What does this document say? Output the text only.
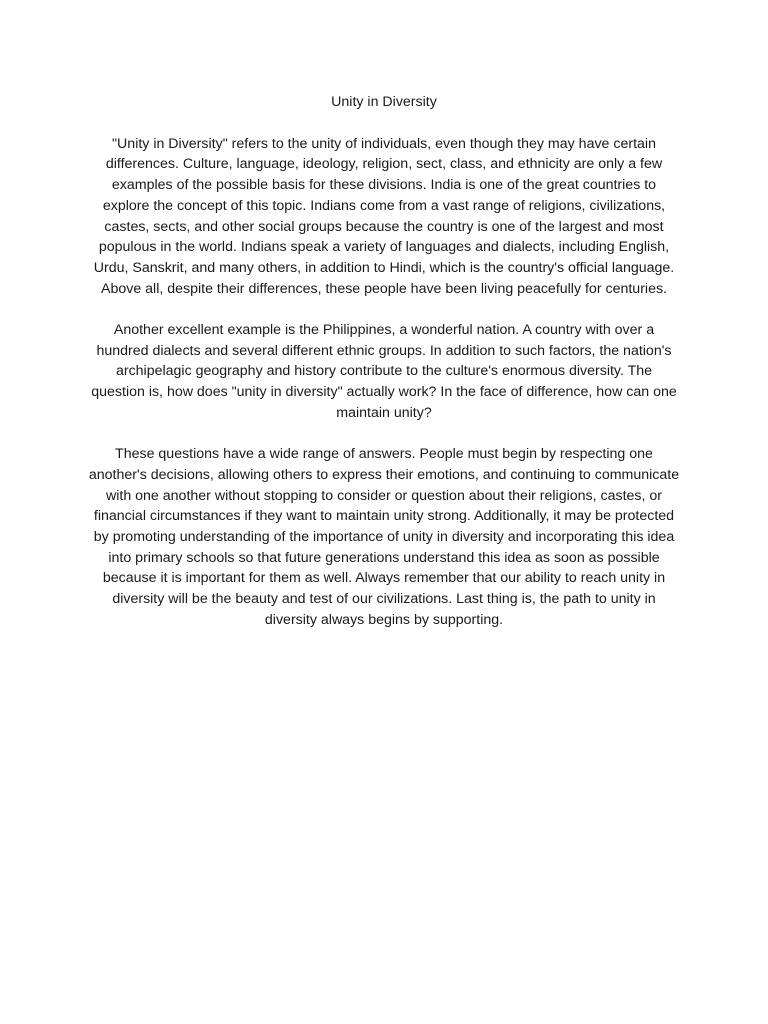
Unity in Diversity

"Unity in Diversity" refers to the unity of individuals, even though they may have certain differences. Culture, language, ideology, religion, sect, class, and ethnicity are only a few examples of the possible basis for these divisions. India is one of the great countries to explore the concept of this topic. Indians come from a vast range of religions, civilizations, castes, sects, and other social groups because the country is one of the largest and most populous in the world. Indians speak a variety of languages and dialects, including English, Urdu, Sanskrit, and many others, in addition to Hindi, which is the country's official language. Above all, despite their differences, these people have been living peacefully for centuries.

Another excellent example is the Philippines, a wonderful nation. A country with over a hundred dialects and several different ethnic groups. In addition to such factors, the nation's archipelagic geography and history contribute to the culture's enormous diversity. The question is, how does "unity in diversity" actually work? In the face of difference, how can one maintain unity?

These questions have a wide range of answers. People must begin by respecting one another's decisions, allowing others to express their emotions, and continuing to communicate with one another without stopping to consider or question about their religions, castes, or financial circumstances if they want to maintain unity strong. Additionally, it may be protected by promoting understanding of the importance of unity in diversity and incorporating this idea into primary schools so that future generations understand this idea as soon as possible because it is important for them as well. Always remember that our ability to reach unity in diversity will be the beauty and test of our civilizations. Last thing is, the path to unity in diversity always begins by supporting.
